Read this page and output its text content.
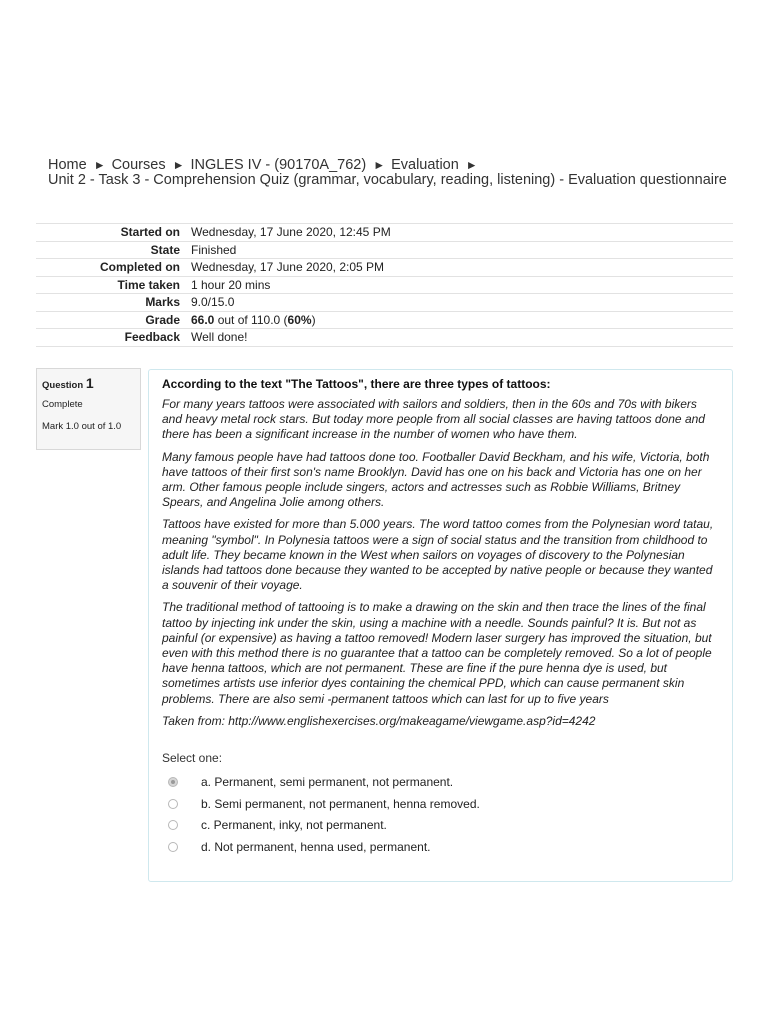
Home ► Courses ► INGLES IV - (90170A_762) ► Evaluation ►
Unit 2 - Task 3 - Comprehension Quiz (grammar, vocabulary, reading, listening) - Evaluation questionnaire
Started on	Wednesday, 17 June 2020, 12:45 PM
State	Finished
Completed on	Wednesday, 17 June 2020, 2:05 PM
Time taken	1 hour 20 mins
Marks	9.0/15.0
Grade	66.0 out of 110.0 (60%)
Feedback	Well done!
Question 1
Complete
Mark 1.0 out of 1.0

According to the text "The Tattoos", there are three types of tattoos:

For many years tattoos were associated with sailors and soldiers, then in the 60s and 70s with bikers and heavy metal rock stars. But today more people from all social classes are having tattoos done and there has been a significant increase in the number of women who have them.

Many famous people have had tattoos done too. Footballer David Beckham, and his wife, Victoria, both have tattoos of their first son's name Brooklyn. David has one on his back and Victoria has one on her arm. Other famous people include singers, actors and actresses such as Robbie Williams, Britney Spears, and Angelina Jolie among others.

Tattoos have existed for more than 5.000 years. The word tattoo comes from the Polynesian word tatau, meaning "symbol". In Polynesia tattoos were a sign of social status and the transition from childhood to adult life. They became known in the West when sailors on voyages of discovery to the Polynesian islands had tattoos done because they wanted to be accepted by native people or because they wanted a souvenir of their voyage.

The traditional method of tattooing is to make a drawing on the skin and then trace the lines of the final tattoo by injecting ink under the skin, using a machine with a needle. Sounds painful? It is. But not as painful (or expensive) as having a tattoo removed! Modern laser surgery has improved the situation, but even with this method there is no guarantee that a tattoo can be completely removed. So a lot of people have henna tattoos, which are not permanent. These are fine if the pure henna dye is used, but sometimes artists use inferior dyes containing the chemical PPD, which can cause permanent skin problems. There are also semi -permanent tattoos which can last for up to five years

Taken from: http://www.englishexercises.org/makeagame/viewgame.asp?id=4242

Select one:
a. Permanent, semi permanent, not permanent.
b. Semi permanent, not permanent, henna removed.
c. Permanent, inky, not permanent.
d. Not permanent, henna used, permanent.
